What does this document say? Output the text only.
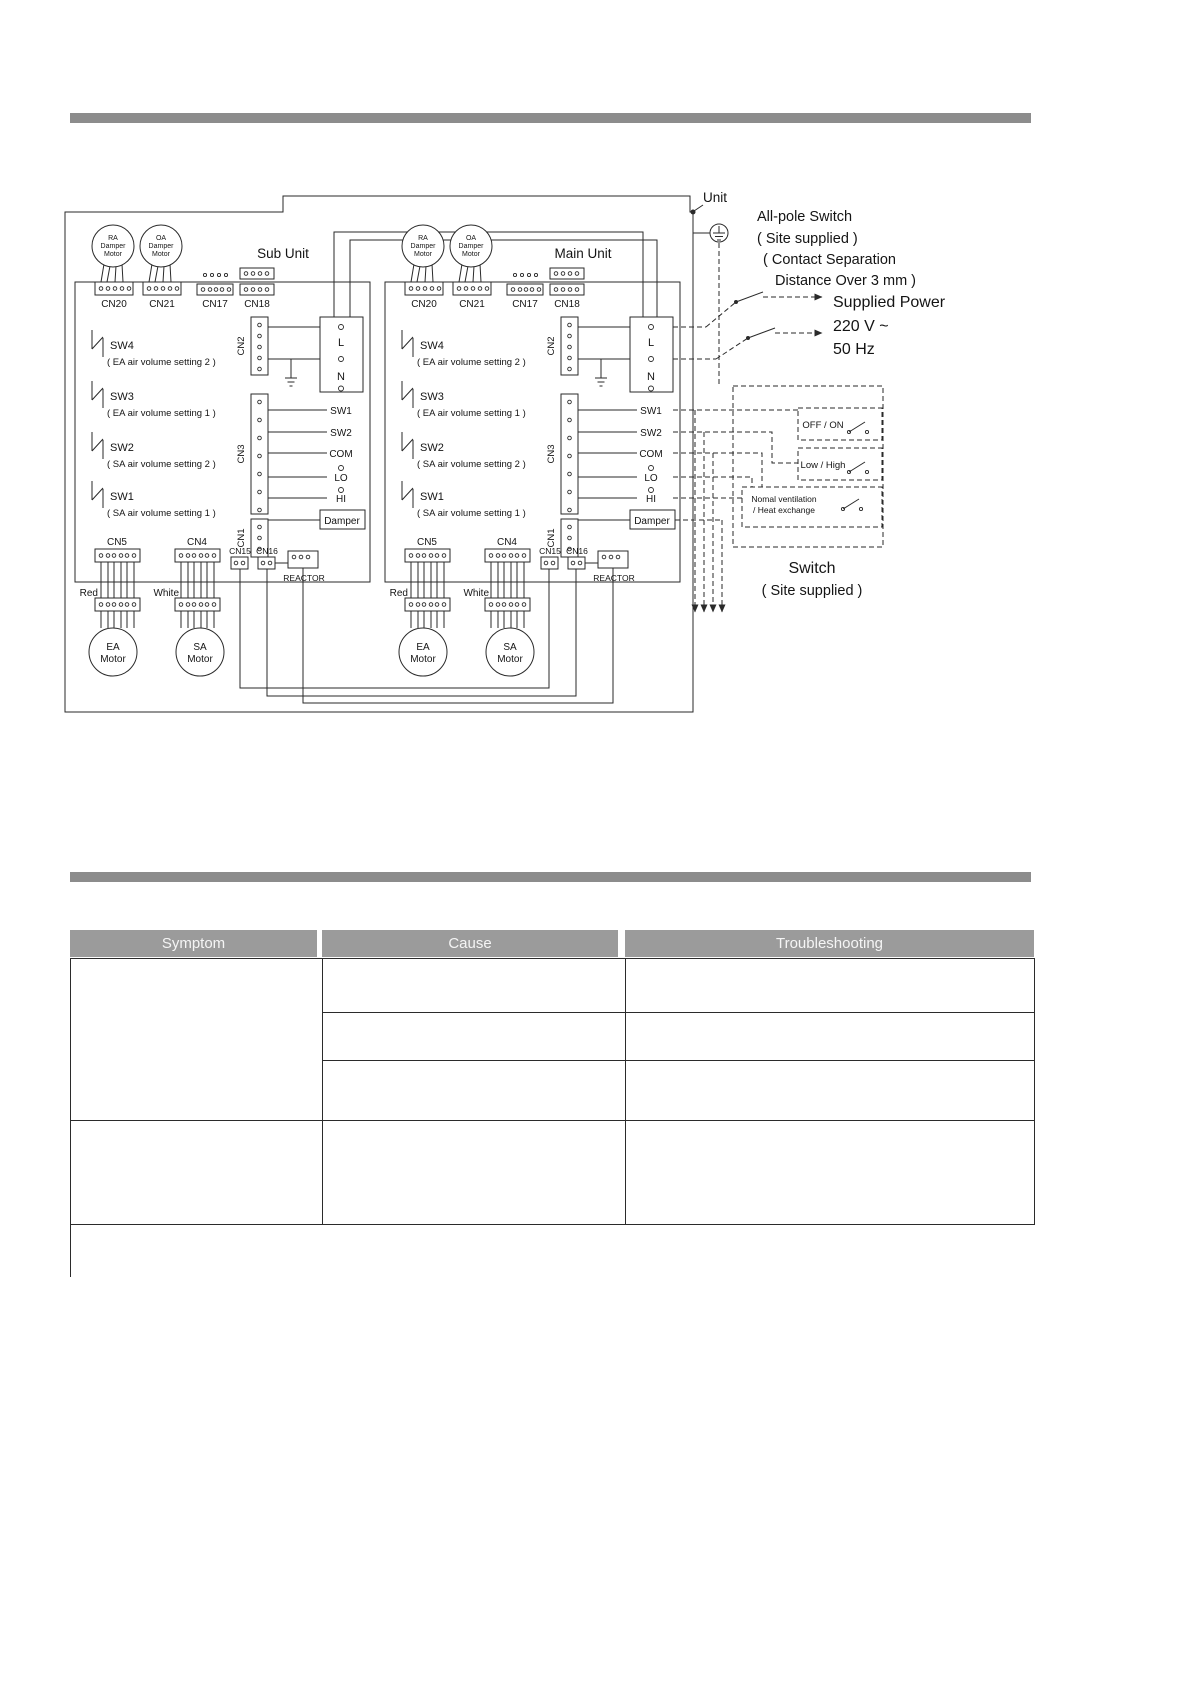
RA
Damper
Motor
OA
Damper
Motor
CN20 CN21	CN17 CN18
SW4
( EA air volume setting 2 )
SW3
( EA air volume setting 1 )
SW2
( SA air volume setting 2 )
SW1
( SA air volume setting 1 )
CN2
CN3
CN1
L
N
SW1
SW2
COM
LO
HI
Damper
CN5	CN4
Red	White
EA
Motor
SA
Motor
CN15 CN16
REACTOR
RA
Damper
Motor
OA
Damper
Motor
CN20 CN21	CN17 CN18
SW4
( EA air volume setting 2 )
SW3
( EA air volume setting 1 )
SW2
( SA air volume setting 2 )
SW1
( SA air volume setting 1 )
CN2
CN3
CN1
L
N
SW1
SW2
COM
LO
HI
Damper
CN5	CN4
Red	White
EA
Motor
SA
Motor
CN15 CN16
REACTOR
Sub Unit	Main Unit
Unit
All-pole Switch
( Site supplied )
( Contact Separation
Distance Over 3 mm )
Supplied Power
220 V ~
50 Hz
OFF / ON
Low / High
Nomal ventilation
/ Heat exchange
Switch
( Site supplied )
Symptom	Cause	Troubleshooting
